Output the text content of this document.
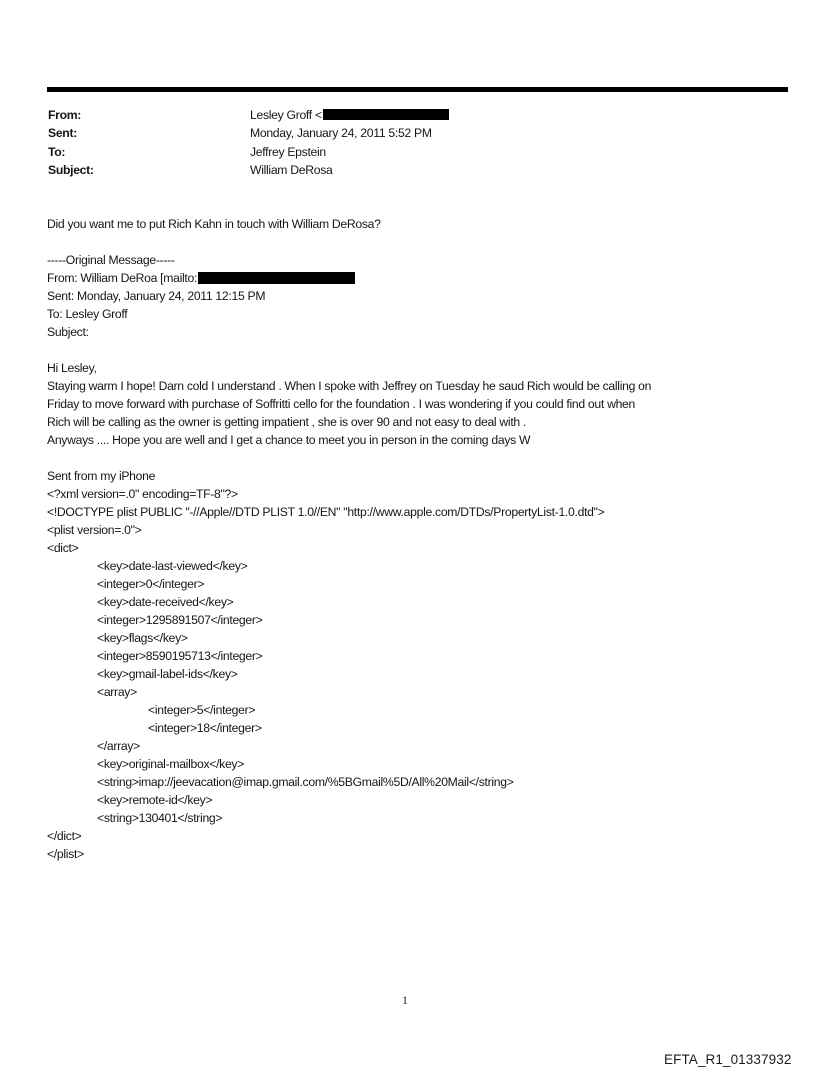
From:	Lesley Groff <
Sent:	Monday, January 24, 2011 5:52 PM
To:	Jeffrey Epstein
Subject:	William DeRosa
Did you want me to put Rich Kahn in touch with William DeRosa?
-----Original Message-----
From: William DeRoa [mailto:
Sent: Monday, January 24, 2011 12:15 PM
To: Lesley Groff
Subject:
Hi Lesley,
Staying warm I hope! Darn cold I understand . When I spoke with Jeffrey on Tuesday he saud Rich would be calling on
Friday to move forward with purchase of Soffritti cello for the foundation . I was wondering if you could find out when
Rich will be calling as the owner is getting impatient , she is over 90 and not easy to deal with .
Anyways .... Hope you are well and I get a chance to meet you in person in the coming days W
Sent from my iPhone
<?xml version=.0" encoding=TF-8"?>
<!DOCTYPE plist PUBLIC "-//Apple//DTD PLIST 1.0//EN" "http://www.apple.com/DTDs/PropertyList-1.0.dtd">
<plist version=.0">
<dict>
<key>date-last-viewed</key>
<integer>0</integer>
<key>date-received</key>
<integer>1295891507</integer>
<key>flags</key>
<integer>8590195713</integer>
<key>gmail-label-ids</key>
<array>
<integer>5</integer>
<integer>18</integer>
</array>
<key>original-mailbox</key>
<string>imap://jeevacation@imap.gmail.com/%5BGmail%5D/All%20Mail</string>
<key>remote-id</key>
<string>130401</string>
</dict>
</plist>
1
EFTA_R1_01337932
